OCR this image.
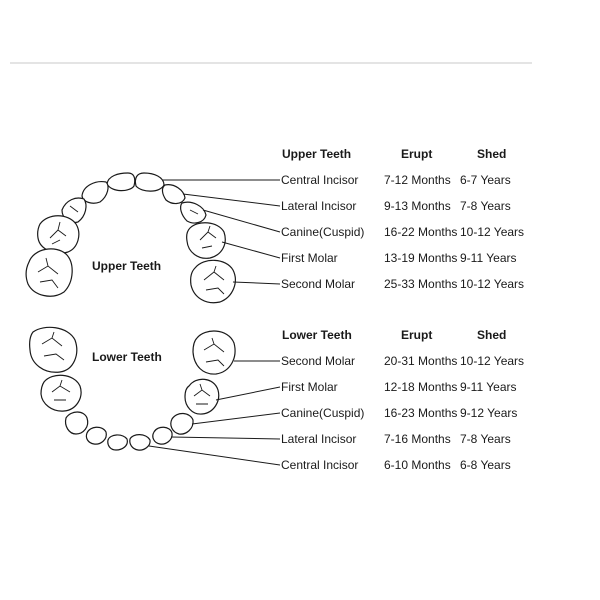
Upper Teeth
Lower Teeth
Upper Teeth	Erupt	Shed
Central Incisor 7-12 Months 6-7 Years
Lateral Incisor 9-13 Months 7-8 Years
Canine(Cuspid) 16-22 Months 10-12 Years
First Molar	13-19 Months 9-11 Years
Second Molar 25-33 Months 10-12 Years
Lower Teeth	Erupt	Shed
Second Molar 20-31 Months 10-12 Years
First Molar	12-18 Months 9-11 Years
Canine(Cuspid) 16-23 Months 9-12 Years
Lateral Incisor 7-16 Months 7-8 Years
Central Incisor 6-10 Months 6-8 Years
